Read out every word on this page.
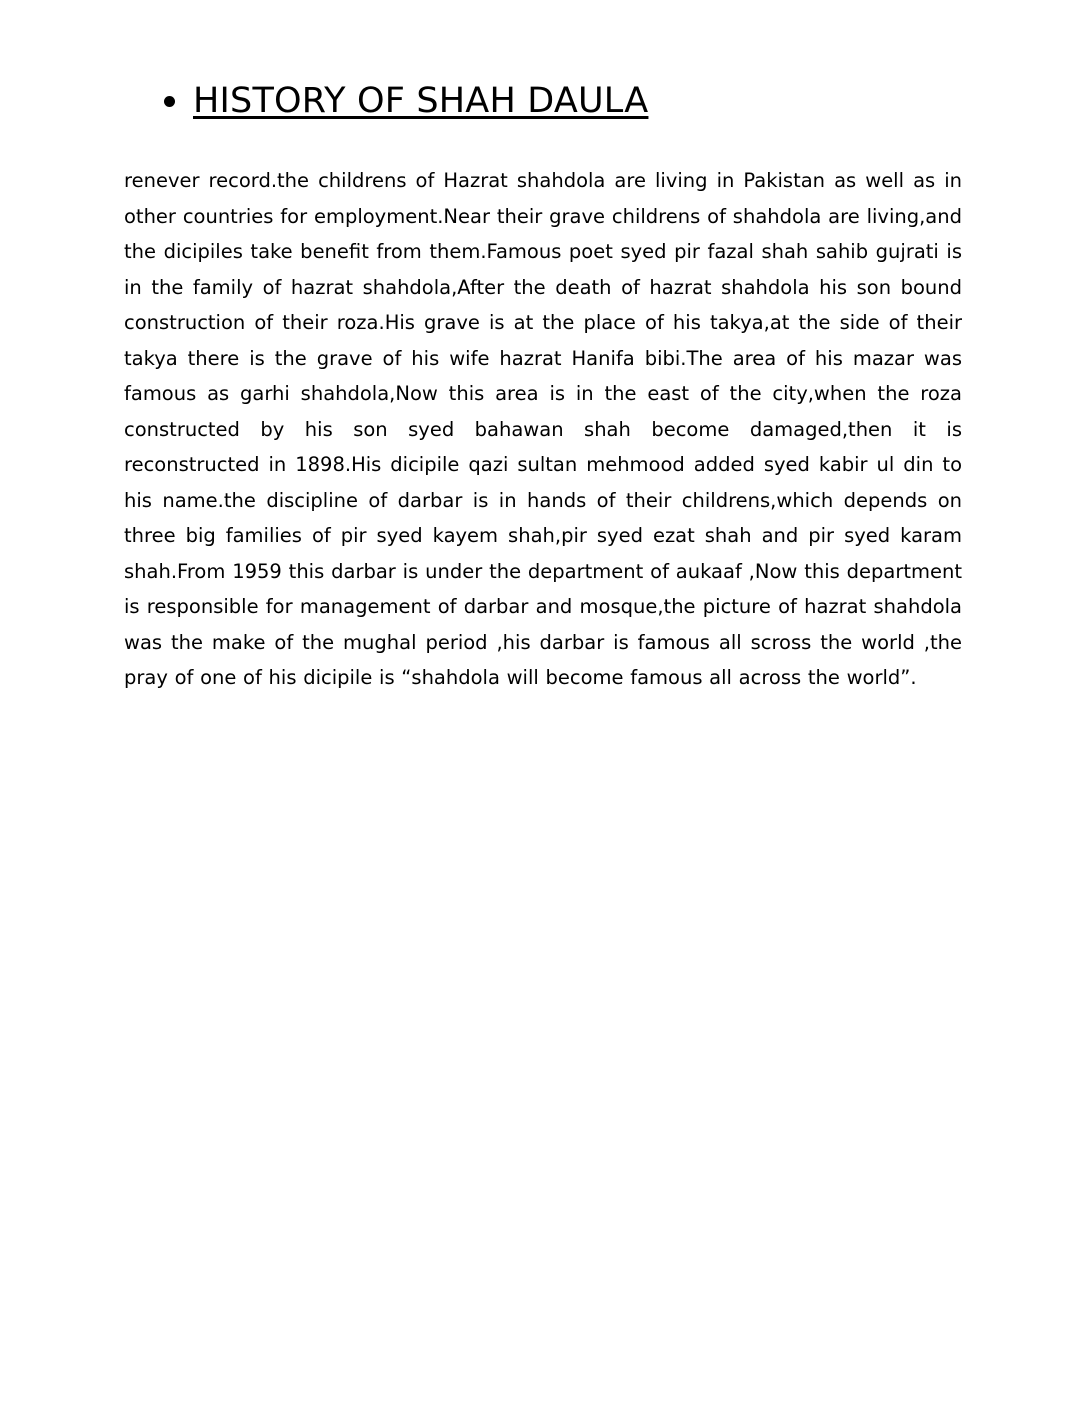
HISTORY OF SHAH DAULA

renever record.the childrens of Hazrat shahdola are living in Pakistan as well as in other countries for employment.Near their grave childrens of shahdola are living,and the dicipiles take benefit from them.Famous poet syed pir fazal shah sahib gujrati is in the family of hazrat shahdola,After the death of hazrat shahdola his son bound construction of their roza.His grave is at the place of his takya,at the side of their takya there is the grave of his wife hazrat Hanifa bibi.The area of his mazar was famous as garhi shahdola,Now this area is in the east of the city,when the roza constructed by his son syed bahawan shah become damaged,then it is reconstructed in 1898.His dicipile qazi sultan mehmood added syed kabir ul din to his name.the discipline of darbar is in hands of their childrens,which depends on three big families of pir syed kayem shah,pir syed ezat shah and pir syed karam shah.From 1959 this darbar is under the department of aukaaf ,Now this department is responsible for management of darbar and mosque,the picture of hazrat shahdola was the make of the mughal period ,his darbar is famous all scross the world ,the pray of one of his dicipile is “shahdola will become famous all across the world”.
